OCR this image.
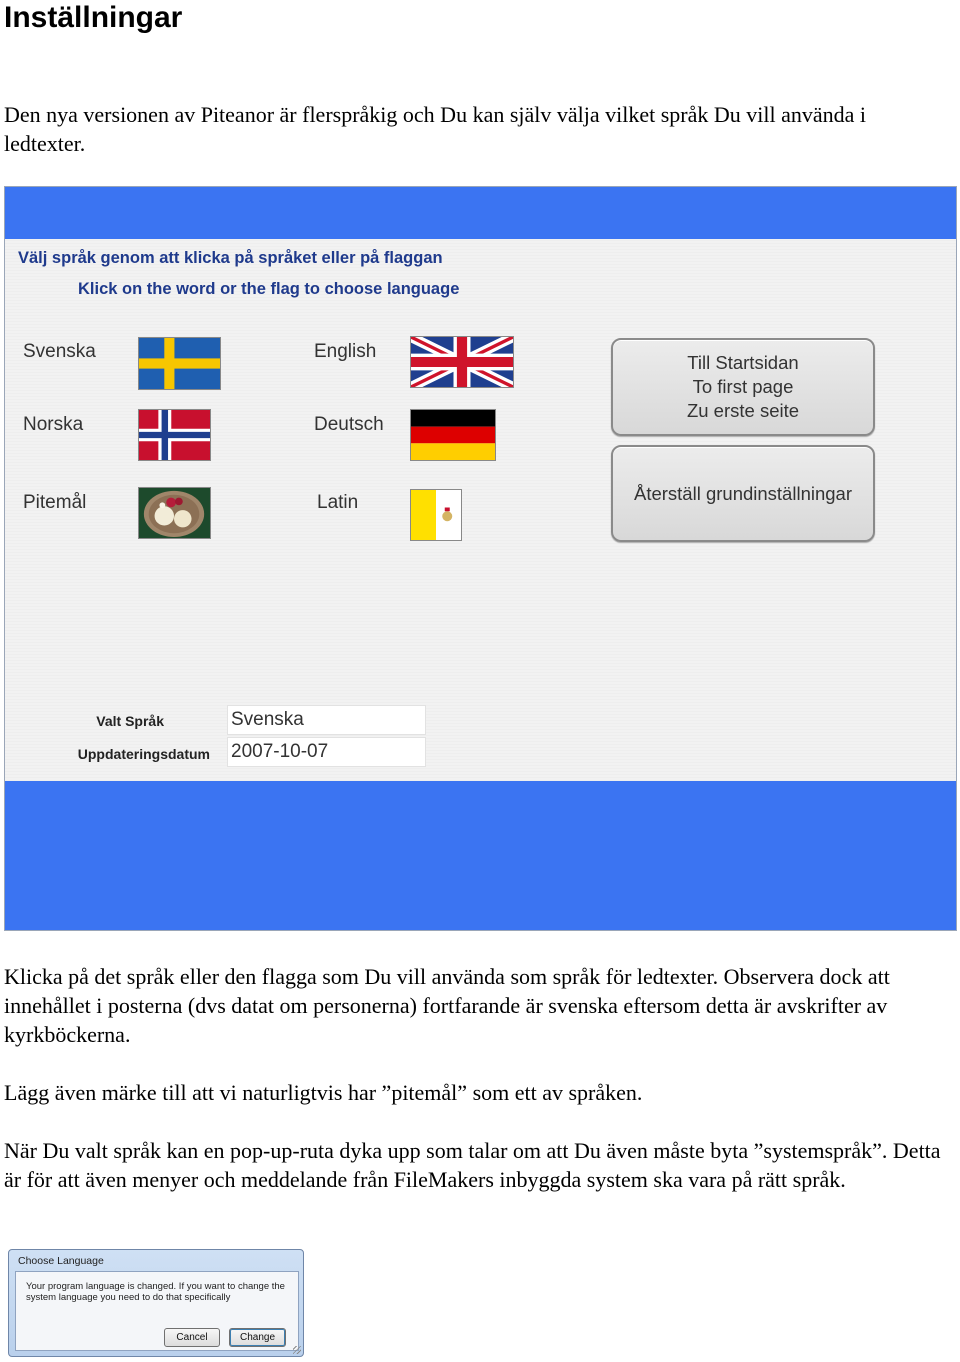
Inställningar
Den nya versionen av Piteanor är flerspråkig och Du kan själv välja vilket språk Du vill använda i ledtexter.
Välj språk genom att klicka på språket eller på flaggan
Klick on the word or the flag to choose language
Svenska	English
Norska	Deutsch
Pitemål	Latin
Till Startsidan
To first page
Zu erste seite
Återställ grundinställningar
Valt Språk	Svenska
Uppdateringsdatum 2007-10-07
Klicka på det språk eller den flagga som Du vill använda som språk för ledtexter. Observera dock att innehållet i posterna (dvs datat om personerna) fortfarande är svenska eftersom detta är avskrifter av kyrkböckerna.
Lägg även märke till att vi naturligtvis har ”pitemål” som ett av språken.
När Du valt språk kan en pop-up-ruta dyka upp som talar om att Du även måste byta ”systemspråk”. Detta är för att även menyer och meddelande från FileMakers inbyggda system ska vara på rätt språk.
Choose Language
Your program language is changed. If you want to change the system language you need to do that specifically
Cancel	Change
